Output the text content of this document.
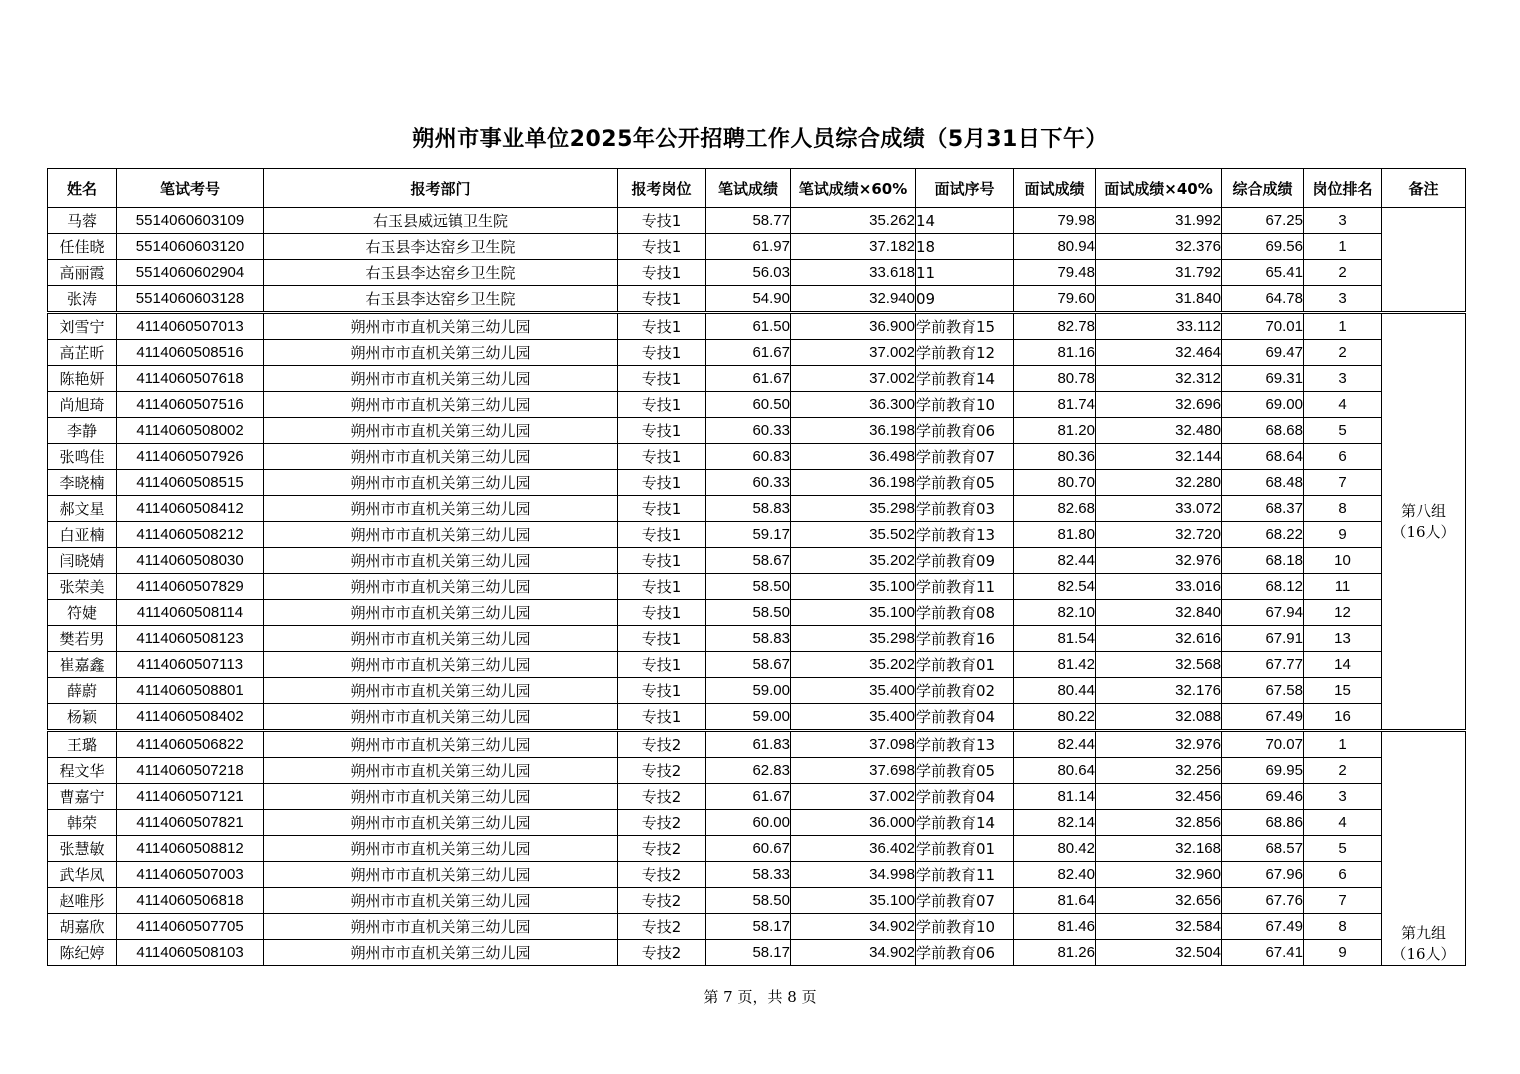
朔州市事业单位2025年公开招聘工作人员综合成绩（5月31日下午）
姓名	笔试考号	报考部门	报考岗位	笔试成绩	笔试成绩×60%	面试序号	面试成绩	面试成绩×40%	综合成绩	岗位排名	备注
马蓉	5514060603109	右玉县威远镇卫生院	专技1	58.77	35.262	14	79.98	31.992	67.25	3	

任佳晓	5514060603120	右玉县李达窑乡卫生院	专技1	61.97	37.182	18	80.94	32.376	69.56	1	
高丽霞	5514060602904	右玉县李达窑乡卫生院	专技1	56.03	33.618	11	79.48	31.792	65.41	2	
张涛	5514060603128	右玉县李达窑乡卫生院	专技1	54.90	32.940	09	79.60	31.840	64.78	3	
刘雪宁	4114060507013	朔州市市直机关第三幼儿园	专技1	61.50	36.900	学前教育15	82.78	33.112	70.01	1	第八组
（16人）

高芷昕	4114060508516	朔州市市直机关第三幼儿园	专技1	61.67	37.002	学前教育12	81.16	32.464	69.47	2	
陈艳妍	4114060507618	朔州市市直机关第三幼儿园	专技1	61.67	37.002	学前教育14	80.78	32.312	69.31	3	
尚旭琦	4114060507516	朔州市市直机关第三幼儿园	专技1	60.50	36.300	学前教育10	81.74	32.696	69.00	4	
李静	4114060508002	朔州市市直机关第三幼儿园	专技1	60.33	36.198	学前教育06	81.20	32.480	68.68	5	
张鸣佳	4114060507926	朔州市市直机关第三幼儿园	专技1	60.83	36.498	学前教育07	80.36	32.144	68.64	6	
李晓楠	4114060508515	朔州市市直机关第三幼儿园	专技1	60.33	36.198	学前教育05	80.70	32.280	68.48	7	
郝文星	4114060508412	朔州市市直机关第三幼儿园	专技1	58.83	35.298	学前教育03	82.68	33.072	68.37	8	
白亚楠	4114060508212	朔州市市直机关第三幼儿园	专技1	59.17	35.502	学前教育13	81.80	32.720	68.22	9	
闫晓婧	4114060508030	朔州市市直机关第三幼儿园	专技1	58.67	35.202	学前教育09	82.44	32.976	68.18	10	
张荣美	4114060507829	朔州市市直机关第三幼儿园	专技1	58.50	35.100	学前教育11	82.54	33.016	68.12	11	
符婕	4114060508114	朔州市市直机关第三幼儿园	专技1	58.50	35.100	学前教育08	82.10	32.840	67.94	12	
樊若男	4114060508123	朔州市市直机关第三幼儿园	专技1	58.83	35.298	学前教育16	81.54	32.616	67.91	13	
崔嘉鑫	4114060507113	朔州市市直机关第三幼儿园	专技1	58.67	35.202	学前教育01	81.42	32.568	67.77	14	
薛蔚	4114060508801	朔州市市直机关第三幼儿园	专技1	59.00	35.400	学前教育02	80.44	32.176	67.58	15	
杨颖	4114060508402	朔州市市直机关第三幼儿园	专技1	59.00	35.400	学前教育04	80.22	32.088	67.49	16	
王璐	4114060506822	朔州市市直机关第三幼儿园	专技2	61.83	37.098	学前教育13	82.44	32.976	70.07	1	第九组
（16人）

程文华	4114060507218	朔州市市直机关第三幼儿园	专技2	62.83	37.698	学前教育05	80.64	32.256	69.95	2	
曹嘉宁	4114060507121	朔州市市直机关第三幼儿园	专技2	61.67	37.002	学前教育04	81.14	32.456	69.46	3	
韩荣	4114060507821	朔州市市直机关第三幼儿园	专技2	60.00	36.000	学前教育14	82.14	32.856	68.86	4	
张慧敏	4114060508812	朔州市市直机关第三幼儿园	专技2	60.67	36.402	学前教育01	80.42	32.168	68.57	5	
武华凤	4114060507003	朔州市市直机关第三幼儿园	专技2	58.33	34.998	学前教育11	82.40	32.960	67.96	6	
赵唯彤	4114060506818	朔州市市直机关第三幼儿园	专技2	58.50	35.100	学前教育07	81.64	32.656	67.76	7	
胡嘉欣	4114060507705	朔州市市直机关第三幼儿园	专技2	58.17	34.902	学前教育10	81.46	32.584	67.49	8	
陈纪婷	4114060508103	朔州市市直机关第三幼儿园	专技2	58.17	34.902	学前教育06	81.26	32.504	67.41	9	
第 7 页，共 8 页
